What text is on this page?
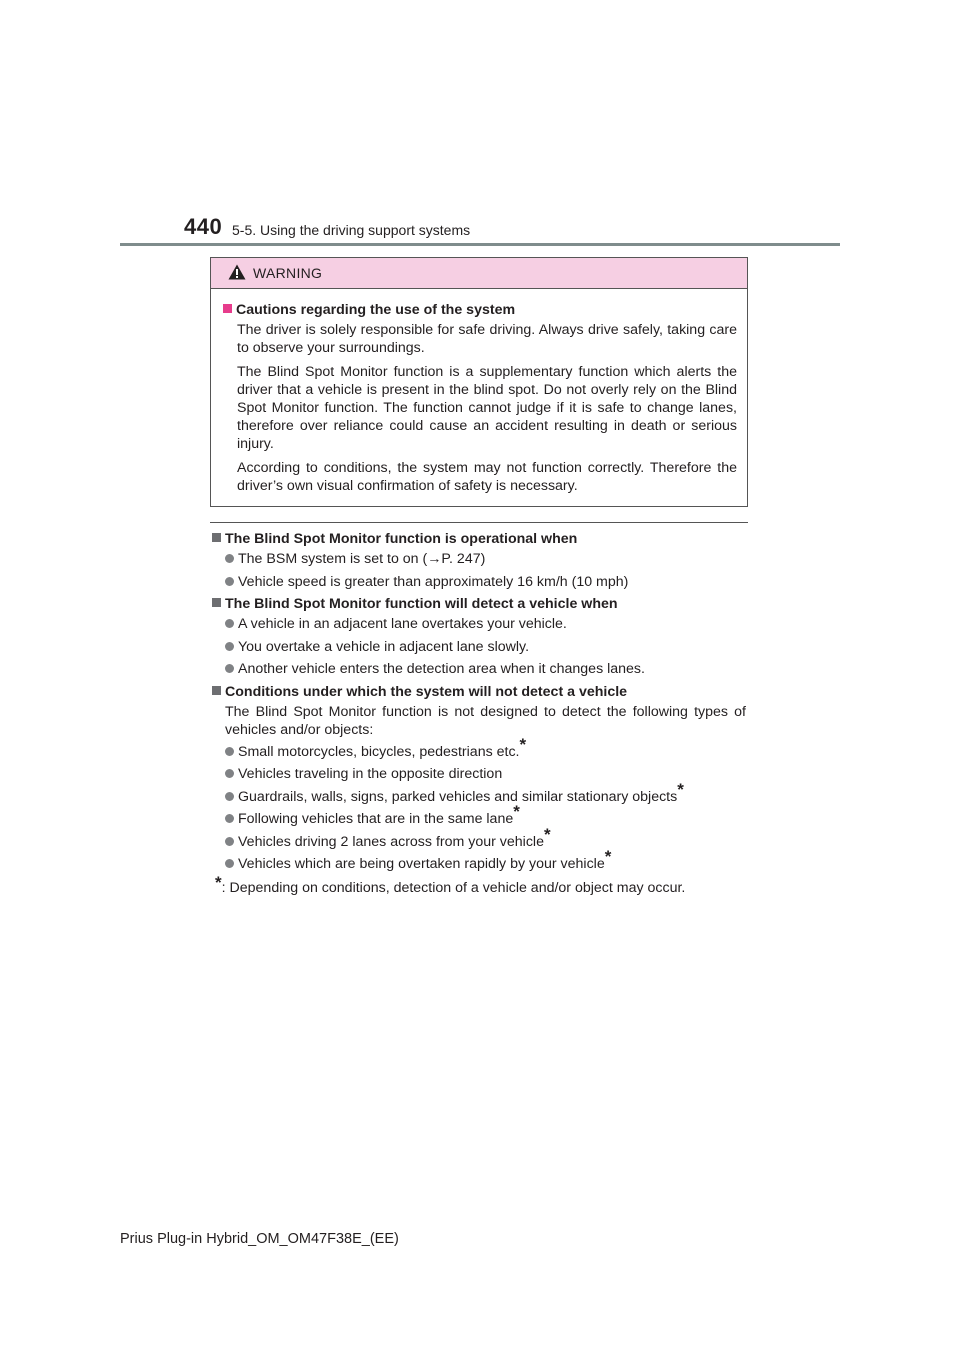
440 5-5. Using the driving support systems
WARNING
Cautions regarding the use of the system

The driver is solely responsible for safe driving. Always drive safely, taking care to observe your surroundings.

The Blind Spot Monitor function is a supplementary function which alerts the driver that a vehicle is present in the blind spot. Do not overly rely on the Blind Spot Monitor function. The function cannot judge if it is safe to change lanes, therefore over reliance could cause an accident resulting in death or serious injury.

According to conditions, the system may not function correctly. Therefore the driver’s own visual confirmation of safety is necessary.

The Blind Spot Monitor function is operational when
The BSM system is set to on (→P. 247)
Vehicle speed is greater than approximately 16 km/h (10 mph)
The Blind Spot Monitor function will detect a vehicle when
A vehicle in an adjacent lane overtakes your vehicle.
You overtake a vehicle in adjacent lane slowly.
Another vehicle enters the detection area when it changes lanes.
Conditions under which the system will not detect a vehicle
The Blind Spot Monitor function is not designed to detect the following types of vehicles and/or objects:
Small motorcycles, bicycles, pedestrians etc.*
Vehicles traveling in the opposite direction
Guardrails, walls, signs, parked vehicles and similar stationary objects*
Following vehicles that are in the same lane*
Vehicles driving 2 lanes across from your vehicle*
Vehicles which are being overtaken rapidly by your vehicle*
*: Depending on conditions, detection of a vehicle and/or object may occur.
Prius Plug-in Hybrid_OM_OM47F38E_(EE)
